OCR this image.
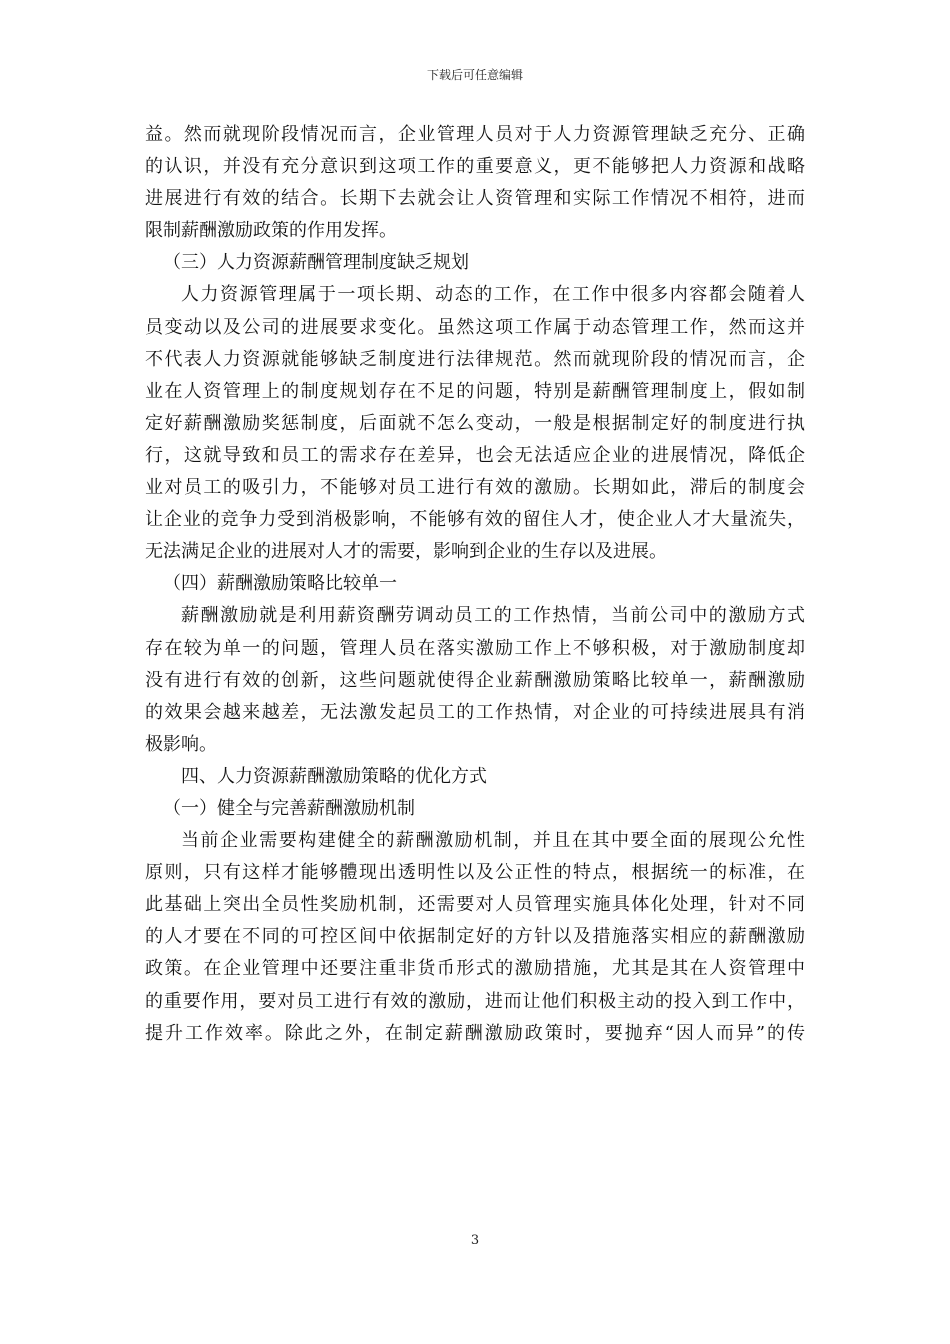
下载后可任意编辑
益。然而就现阶段情况而言，企业管理人员对于人力资源管理缺乏充分、正确
的认识，并没有充分意识到这项工作的重要意义，更不能够把人力资源和战略
进展进行有效的结合。长期下去就会让人资管理和实际工作情况不相符，进而
限制薪酬激励政策的作用发挥。
（三）人力资源薪酬管理制度缺乏规划
人力资源管理属于一项长期、动态的工作，在工作中很多内容都会随着人
员变动以及公司的进展要求变化。虽然这项工作属于动态管理工作，然而这并
不代表人力资源就能够缺乏制度进行法律规范。然而就现阶段的情况而言，企
业在人资管理上的制度规划存在不足的问题，特别是薪酬管理制度上，假如制
定好薪酬激励奖惩制度，后面就不怎么变动，一般是根据制定好的制度进行执
行，这就导致和员工的需求存在差异，也会无法适应企业的进展情况，降低企
业对员工的吸引力，不能够对员工进行有效的激励。长期如此，滞后的制度会
让企业的竞争力受到消极影响，不能够有效的留住人才，使企业人才大量流失，
无法满足企业的进展对人才的需要，影响到企业的生存以及进展。
（四）薪酬激励策略比较单一
薪酬激励就是利用薪资酬劳调动员工的工作热情，当前公司中的激励方式
存在较为单一的问题，管理人员在落实激励工作上不够积极，对于激励制度却
没有进行有效的创新，这些问题就使得企业薪酬激励策略比较单一，薪酬激励
的效果会越来越差，无法激发起员工的工作热情，对企业的可持续进展具有消
极影响。
四、人力资源薪酬激励策略的优化方式
（一）健全与完善薪酬激励机制
当前企业需要构建健全的薪酬激励机制，并且在其中要全面的展现公允性
原则，只有这样才能够體现出透明性以及公正性的特点，根据统一的标准，在
此基础上突出全员性奖励机制，还需要对人员管理实施具体化处理，针对不同
的人才要在不同的可控区间中依据制定好的方针以及措施落实相应的薪酬激励
政策。在企业管理中还要注重非货币形式的激励措施，尤其是其在人资管理中
的重要作用，要对员工进行有效的激励，进而让他们积极主动的投入到工作中，
提升工作效率。除此之外，在制定薪酬激励政策时，要抛弃“因人而异”的传
3
